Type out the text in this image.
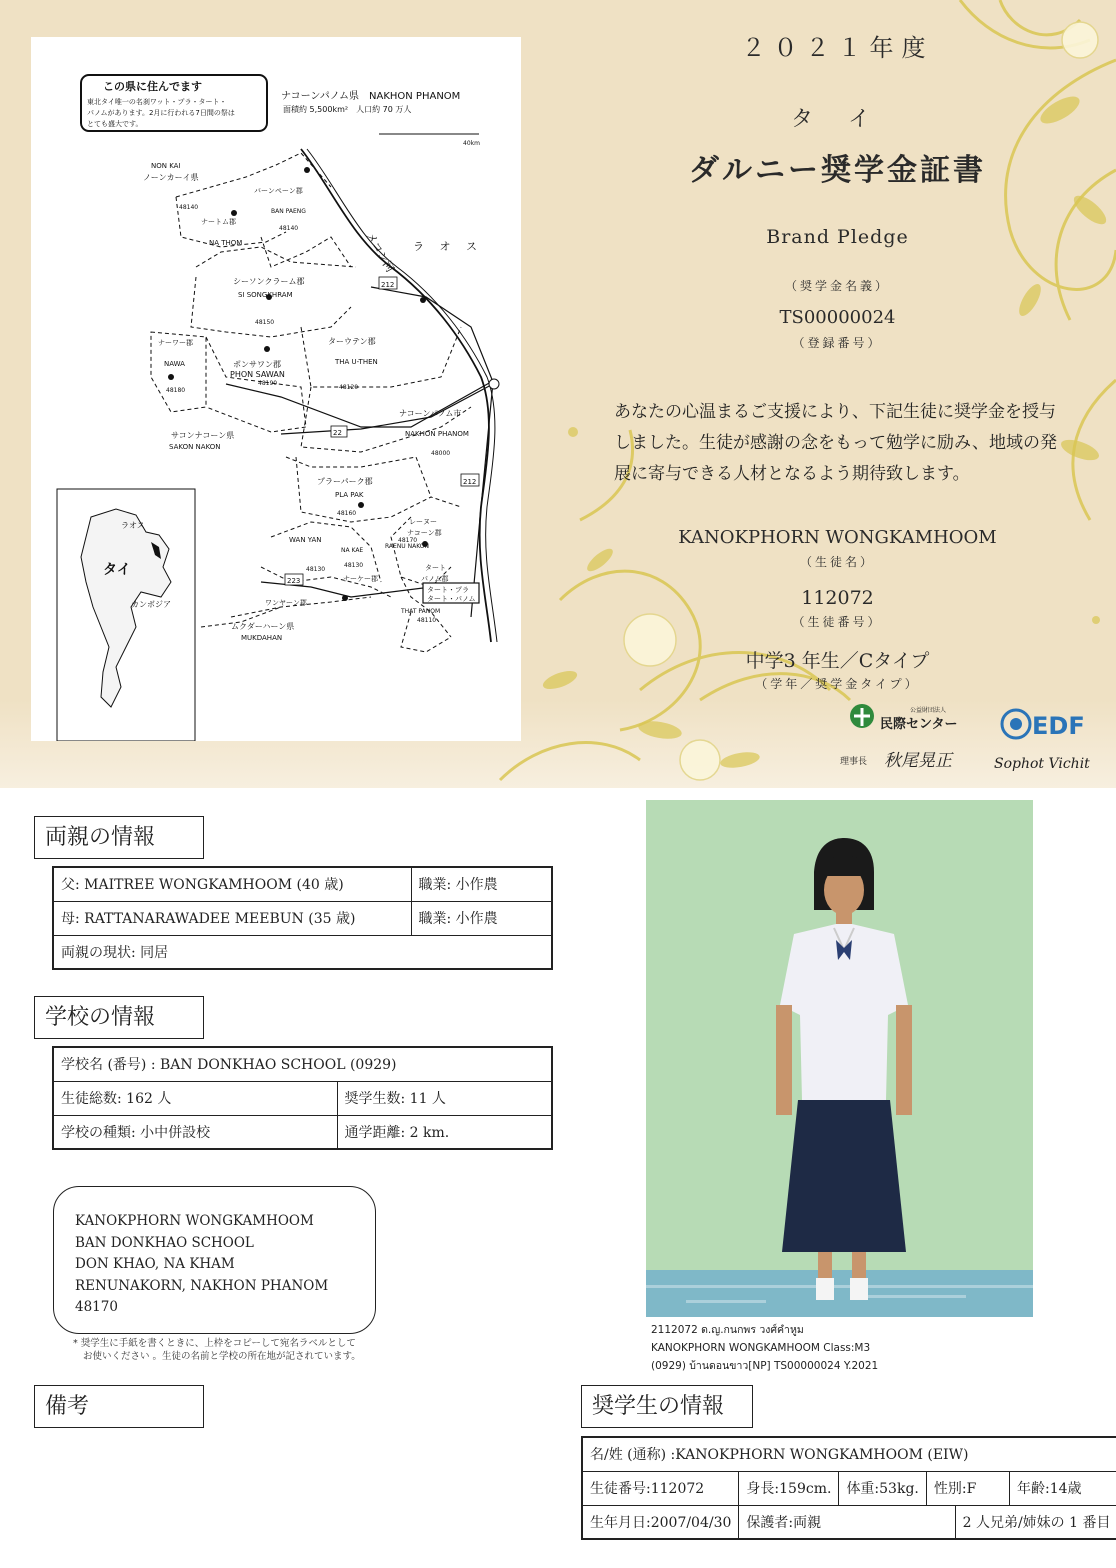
この県に住んでます
東北タイ唯一の名刹ワット・プラ・タート・
パノムがあります。2月に行われる7日間の祭は
とても盛大です。
ナコーンパノム県　NAKHON PHANOM
面積約 5,500km²　人口約 70 万人
40km
212
212
22
223
NON KAI
ノーンカーイ県
バーンペーン郡
BAN PAENG
48140
48140
ナートム郡
NA THOM
シーソンクラーム郡
SI SONGKHRAM
48150
ナーワー郡
NAWA
48180
ポンサワン郡
PHON SAWAN
48190
ターウテン郡
THA U-THEN
48120
ナコーンパノム市
NAKHON PHANOM
48000
サコンナコーン県
SAKON NAKON
プラーパーク郡
PLA PAK
48160
レーヌー
ナコーン郡
48170
RAENU NAKON
WAN YAN
NA KAE
48130
48130
ナーケー郡
タート
パノム郡
THAT PANOM
48110
ワンヤーン郡
ムクダーハーン県
MUKDAHAN
メコン河 ラ オ ス
タート・プラ
タート・パノム
ラオス
タイ
カンボジア
２０２１年度
タ イ
ダルニー奨学金証書
Brand Pledge
（奨学金名義）
TS00000024
（登録番号）
あなたの心温まるご支援により、下記生徒に奨学金を授与しました。生徒が感謝の念をもって勉学に励み、地域の発展に寄与できる人材となるよう期待致します。
KANOKPHORN WONGKAMHOOM
（生徒名）
112072
（生徒番号）
中学3 年生／Cタイプ
（学年／奨学金タイプ）
公益財団法人
民際センター
理事長 秋尾晃正
EDF
Sophot Vichit
両親の情報
父: MAITREE WONGKAMHOOM (40 歳)	職業: 小作農
母: RATTANARAWADEE MEEBUN (35 歳)	職業: 小作農
両親の現状: 同居	
学校の情報
学校名 (番号) : BAN DONKHAO SCHOOL (0929)	
生徒総数: 162 人	奨学生数: 11 人
学校の種類: 小中併設校	通学距離: 2 km.
KANOKPHORN WONGKAMHOOM
BAN DONKHAO SCHOOL
DON KHAO, NA KHAM
RENUNAKORN, NAKHON PHANOM
48170
* 奨学生に手紙を書くときに、上枠をコピーして宛名ラベルとして
お使いください 。生徒の名前と学校の所在地が記されています。
備考
2112072 ด.ญ.กนกพร วงศ์คำหูม
KANOKPHORN WONGKAMHOOM Class:M3
(0929) บ้านดอนขาว[NP] TS00000024 Y.2021
奨学生の情報
名/姓 (通称) :KANOKPHORN WONGKAMHOOM (EIW)					
生徒番号:112072	身長:159cm.	体重:53kg.	性別:F		年齢:14歳
生年月日:2007/04/30	保護者:両親			2 人兄弟/姉妹の 1 番目	
